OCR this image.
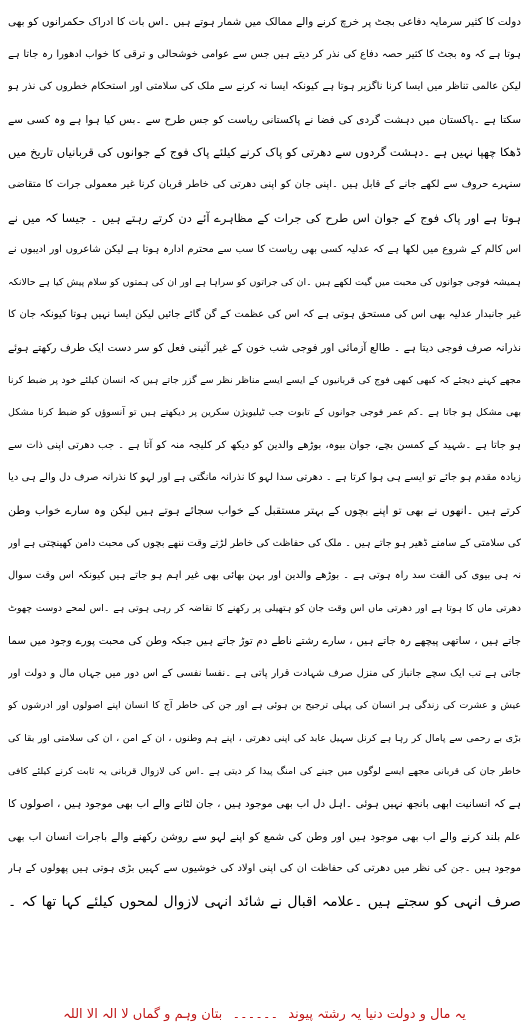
دولت کا کثیر سرمایہ دفاعی بجٹ پر خرچ کرنے والے ممالک میں شمار ہوتے ہیں ۔اس بات کا ادراک حکمرانوں کو بھی
ہوتا ہے کہ وہ بجٹ کا کثیر حصہ دفاع کی نذر کر دیتے ہیں جس سے عوامی خوشحالی و ترقی کا خواب ادھورا رہ جاتا ہے
لیکن عالمی تناظر میں ایسا کرنا ناگزیر ہوتا ہے کیونکہ ایسا نہ کرنے سے ملک کی سلامتی اور استحکام خطروں کی نذر ہو
سکتا ہے ۔پاکستان میں دہشت گردی کی فضا نے پاکستانی ریاست کو جس طرح سے ۔بس کیا ہوا ہے وہ کسی سے
ڈھکا چھپا نہیں ہے ۔دہشت گردوں سے دھرتی کو پاک کرنے کیلئے پاک فوج کے جوانوں کی قربانیاں تاریخ میں
سنہرے حروف سے لکھے جانے کے قابل ہیں ۔اپنی جان کو اپنی دھرتی کی خاطر قربان کرنا غیر معمولی جرات کا متقاضی
ہوتا ہے اور پاک فوج کے جوان اس طرح کی جرات کے مظاہرے آئے دن کرتے رہتے ہیں ۔ جیسا کہ میں نے
اس کالم کے شروع میں لکھا ہے کہ عدلیہ کسی بھی ریاست کا سب سے محترم ادارہ ہوتا ہے لیکن شاعروں اور ادیبوں نے
ہمیشہ فوجی جوانوں کی محبت میں گیت لکھے ہیں ۔ان کی جراتوں کو سراہا ہے اور ان کی ہمتوں کو سلام پیش کیا ہے حالانکہ
غیر جانبدار عدلیہ بھی اس کی مستحق ہوتی ہے کہ اس کی عظمت کے گن گائے جائیں لیکن ایسا نہیں ہوتا کیونکہ جان کا
نذرانہ صرف فوجی دیتا ہے ۔ طالع آزمائی اور فوجی شب خون کے غیر آئینی فعل کو سر دست ایک طرف رکھتے ہوئے
مجھے کہنے دیجئے کہ کبھی کبھی فوج کی قربانیوں کے ایسے ایسے مناظر نظر سے گزر جاتے ہیں کہ انسان کیلئے خود پر ضبط کرنا
بھی مشکل ہو جاتا ہے ۔کم عمر فوجی جوانوں کے تابوت جب ٹیلیویژن سکرین پر دیکھتے ہیں تو آنسوؤں کو ضبط کرنا مشکل
ہو جاتا ہے ۔شہید کے کمسن بچے، جوان بیوہ، بوڑھے والدین کو دیکھ کر کلیجہ منہ کو آتا ہے ۔ جب دھرتی اپنی ذات سے
زیادہ مقدم ہو جائے تو ایسے ہی ہوا کرتا ہے ۔ دھرتی سدا لہو کا نذرانہ مانگتی ہے اور لہو کا نذرانہ صرف دل والے ہی دیا
کرتے ہیں ۔انھوں نے بھی تو اپنے بچوں کے بہتر مستقبل کے خواب سجائے ہوتے ہیں لیکن وہ سارے خواب وطن
کی سلامتی کے سامنے ڈھیر ہو جاتے ہیں ۔ ملک کی حفاظت کی خاطر لڑتے وقت ننھے بچوں کی محبت دامن کھینچتی ہے اور
نہ ہی بیوی کی الفت سد راہ ہوتی ہے ۔ بوڑھے والدین اور بہن بھائی بھی غیر اہم ہو جاتے ہیں کیونکہ اس وقت سوال
دھرتی ماں کا ہوتا ہے اور دھرتی ماں اس وقت جان کو ہتھیلی پر رکھنے کا تقاضہ کر رہی ہوتی ہے ۔اس لمحے دوست چھوٹ
جاتے ہیں ، ساتھی پیچھے رہ جاتے ہیں ، سارے رشتے ناطے دم توڑ جاتے ہیں جبکہ وطن کی محبت پورے وجود میں سما
جاتی ہے تب ایک سچے جانباز کی منزل صرف شہادت قرار پاتی ہے ۔نفسا نفسی کے اس دور میں جہاں مال و دولت اور
عیش و عشرت کی زندگی ہر انسان کی پہلی ترجیح بن ہوئی ہے اور جن کی خاطر آج کا انسان اپنے اصولوں اور ادرشوں کو
بڑی بے رحمی سے پامال کر رہا ہے کرنل سہیل عابد کی اپنی دھرتی ، اپنے ہم وطنوں ، ان کے امن ، ان کی سلامتی اور بقا کی
خاطر جان کی قربانی مجھے ایسے لوگوں میں جینے کی امنگ پیدا کر دیتی ہے ۔اس کی لازوال قربانی یہ ثابت کرنے کیلئے کافی
ہے کہ انسانیت ابھی بانجھ نہیں ہوئی ۔اہل دل اب بھی موجود ہیں ، جان لٹانے والے اب بھی موجود ہیں ، اصولوں کا
علم بلند کرنے والے اب بھی موجود ہیں اور وطن کی شمع کو اپنے لہو سے روشن رکھنے والے باجرات انسان اب بھی
موجود ہیں ۔جن کی نظر میں دھرتی کی حفاظت ان کی اپنی اولاد کی خوشیوں سے کہیں بڑی ہوتی ہیں پھولوں کے ہار
صرف انہی کو سجتے ہیں ۔علامہ اقبال نے شائد انہی لازوال لمحوں کیلئے کہا تھا کہ ۔
یہ مال و دولت دنیا یہ رشتہ پیوند ۔۔۔۔۔۔ بتان وہم و گماں لا الہ الا اللہ
